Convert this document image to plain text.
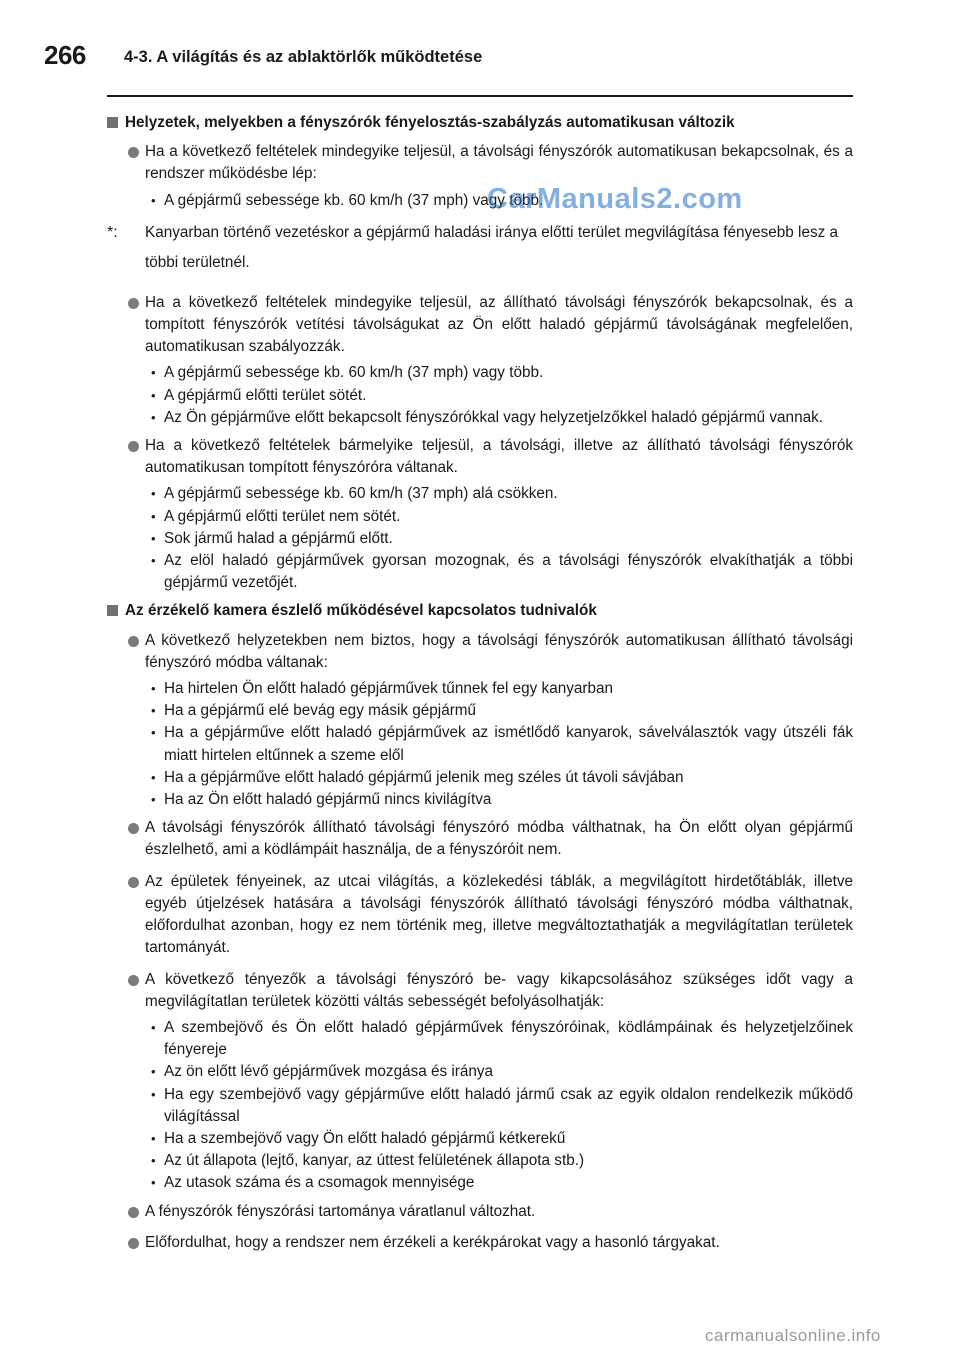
266 4-3. A világítás és az ablaktörlők működtetése
Helyzetek, melyekben a fényszórók fényelosztás-szabályzás automatikusan változik
Ha a következő feltételek mindegyike teljesül, a távolsági fényszórók automatikusan bekapcsolnak, és a rendszer működésbe lép:
• A gépjármű sebessége kb. 60 km/h (37 mph) vagy több.
*: Kanyarban történő vezetéskor a gépjármű haladási iránya előtti terület megvilágítása fényesebb lesz a többi területnél.
Ha a következő feltételek mindegyike teljesül, az állítható távolsági fényszórók bekapcsolnak, és a tompított fényszórók vetítési távolságukat az Ön előtt haladó gépjármű távolságának megfelelően, automatikusan szabályozzák.
• A gépjármű sebessége kb. 60 km/h (37 mph) vagy több.
• A gépjármű előtti terület sötét.
• Az Ön gépjárműve előtt bekapcsolt fényszórókkal vagy helyzetjelzőkkel haladó gépjármű vannak.
Ha a következő feltételek bármelyike teljesül, a távolsági, illetve az állítható távolsági fényszórók automatikusan tompított fényszóróra váltanak.
• A gépjármű sebessége kb. 60 km/h (37 mph) alá csökken.
• A gépjármű előtti terület nem sötét.
• Sok jármű halad a gépjármű előtt.
• Az elöl haladó gépjárművek gyorsan mozognak, és a távolsági fényszórók elvakíthatják a többi gépjármű vezetőjét.
Az érzékelő kamera észlelő működésével kapcsolatos tudnivalók
A következő helyzetekben nem biztos, hogy a távolsági fényszórók automatikusan állítható távolsági fényszóró módba váltanak:
• Ha hirtelen Ön előtt haladó gépjárművek tűnnek fel egy kanyarban
• Ha a gépjármű elé bevág egy másik gépjármű
• Ha a gépjárműve előtt haladó gépjárművek az ismétlődő kanyarok, sávelválasztók vagy útszéli fák miatt hirtelen eltűnnek a szeme elől
• Ha a gépjárműve előtt haladó gépjármű jelenik meg széles út távoli sávjában
• Ha az Ön előtt haladó gépjármű nincs kivilágítva
A távolsági fényszórók állítható távolsági fényszóró módba válthatnak, ha Ön előtt olyan gépjármű észlelhető, ami a ködlámpáit használja, de a fényszóróit nem.
Az épületek fényeinek, az utcai világítás, a közlekedési táblák, a megvilágított hirdetőtáblák, illetve egyéb útjelzések hatására a távolsági fényszórók állítható távolsági fényszóró módba válthatnak, előfordulhat azonban, hogy ez nem történik meg, illetve megváltoztathatják a megvilágítatlan területek tartományát.
A következő tényezők a távolsági fényszóró be- vagy kikapcsolásához szükséges időt vagy a megvilágítatlan területek közötti váltás sebességét befolyásolhatják:
• A szembejövő és Ön előtt haladó gépjárművek fényszóróinak, ködlámpáinak és helyzetjelzőinek fényereje
• Az ön előtt lévő gépjárművek mozgása és iránya
• Ha egy szembejövő vagy gépjárműve előtt haladó jármű csak az egyik oldalon rendelkezik működő világítással
• Ha a szembejövő vagy Ön előtt haladó gépjármű kétkerekű
• Az út állapota (lejtő, kanyar, az úttest felületének állapota stb.)
• Az utasok száma és a csomagok mennyisége
A fényszórók fényszórási tartománya váratlanul változhat.
Előfordulhat, hogy a rendszer nem érzékeli a kerékpárokat vagy a hasonló tárgyakat.
CarManuals2.com
carmanualsonline.info
